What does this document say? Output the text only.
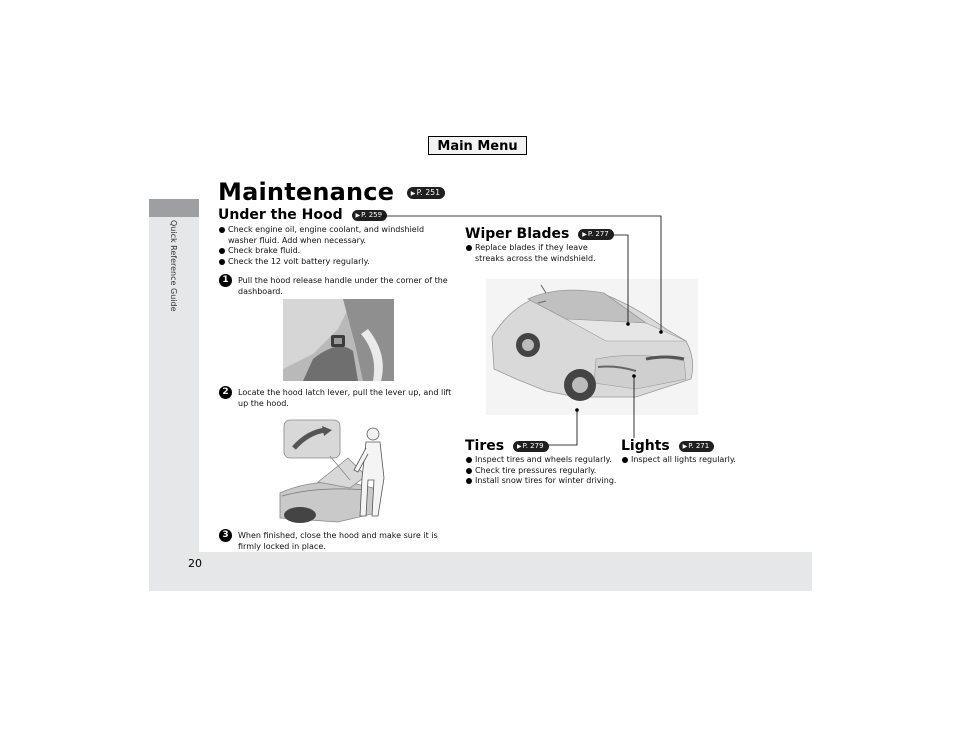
Main Menu
Quick Reference Guide
20
Maintenance	▶P. 251
Under the Hood ▶P. 259
Check engine oil, engine coolant, and windshield washer fluid. Add when necessary.
Check brake fluid.
Check the 12 volt battery regularly.
1	Pull the hood release handle under the corner of the dashboard.
2	Locate the hood latch lever, pull the lever up, and lift up the hood.
3	When finished, close the hood and make sure it is firmly locked in place.
Wiper Blades ▶P. 277
Replace blades if they leave streaks across the windshield.
Tires ▶P. 279
Inspect tires and wheels regularly.
Check tire pressures regularly.
Install snow tires for winter driving.
Lights ▶P. 271
Inspect all lights regularly.
